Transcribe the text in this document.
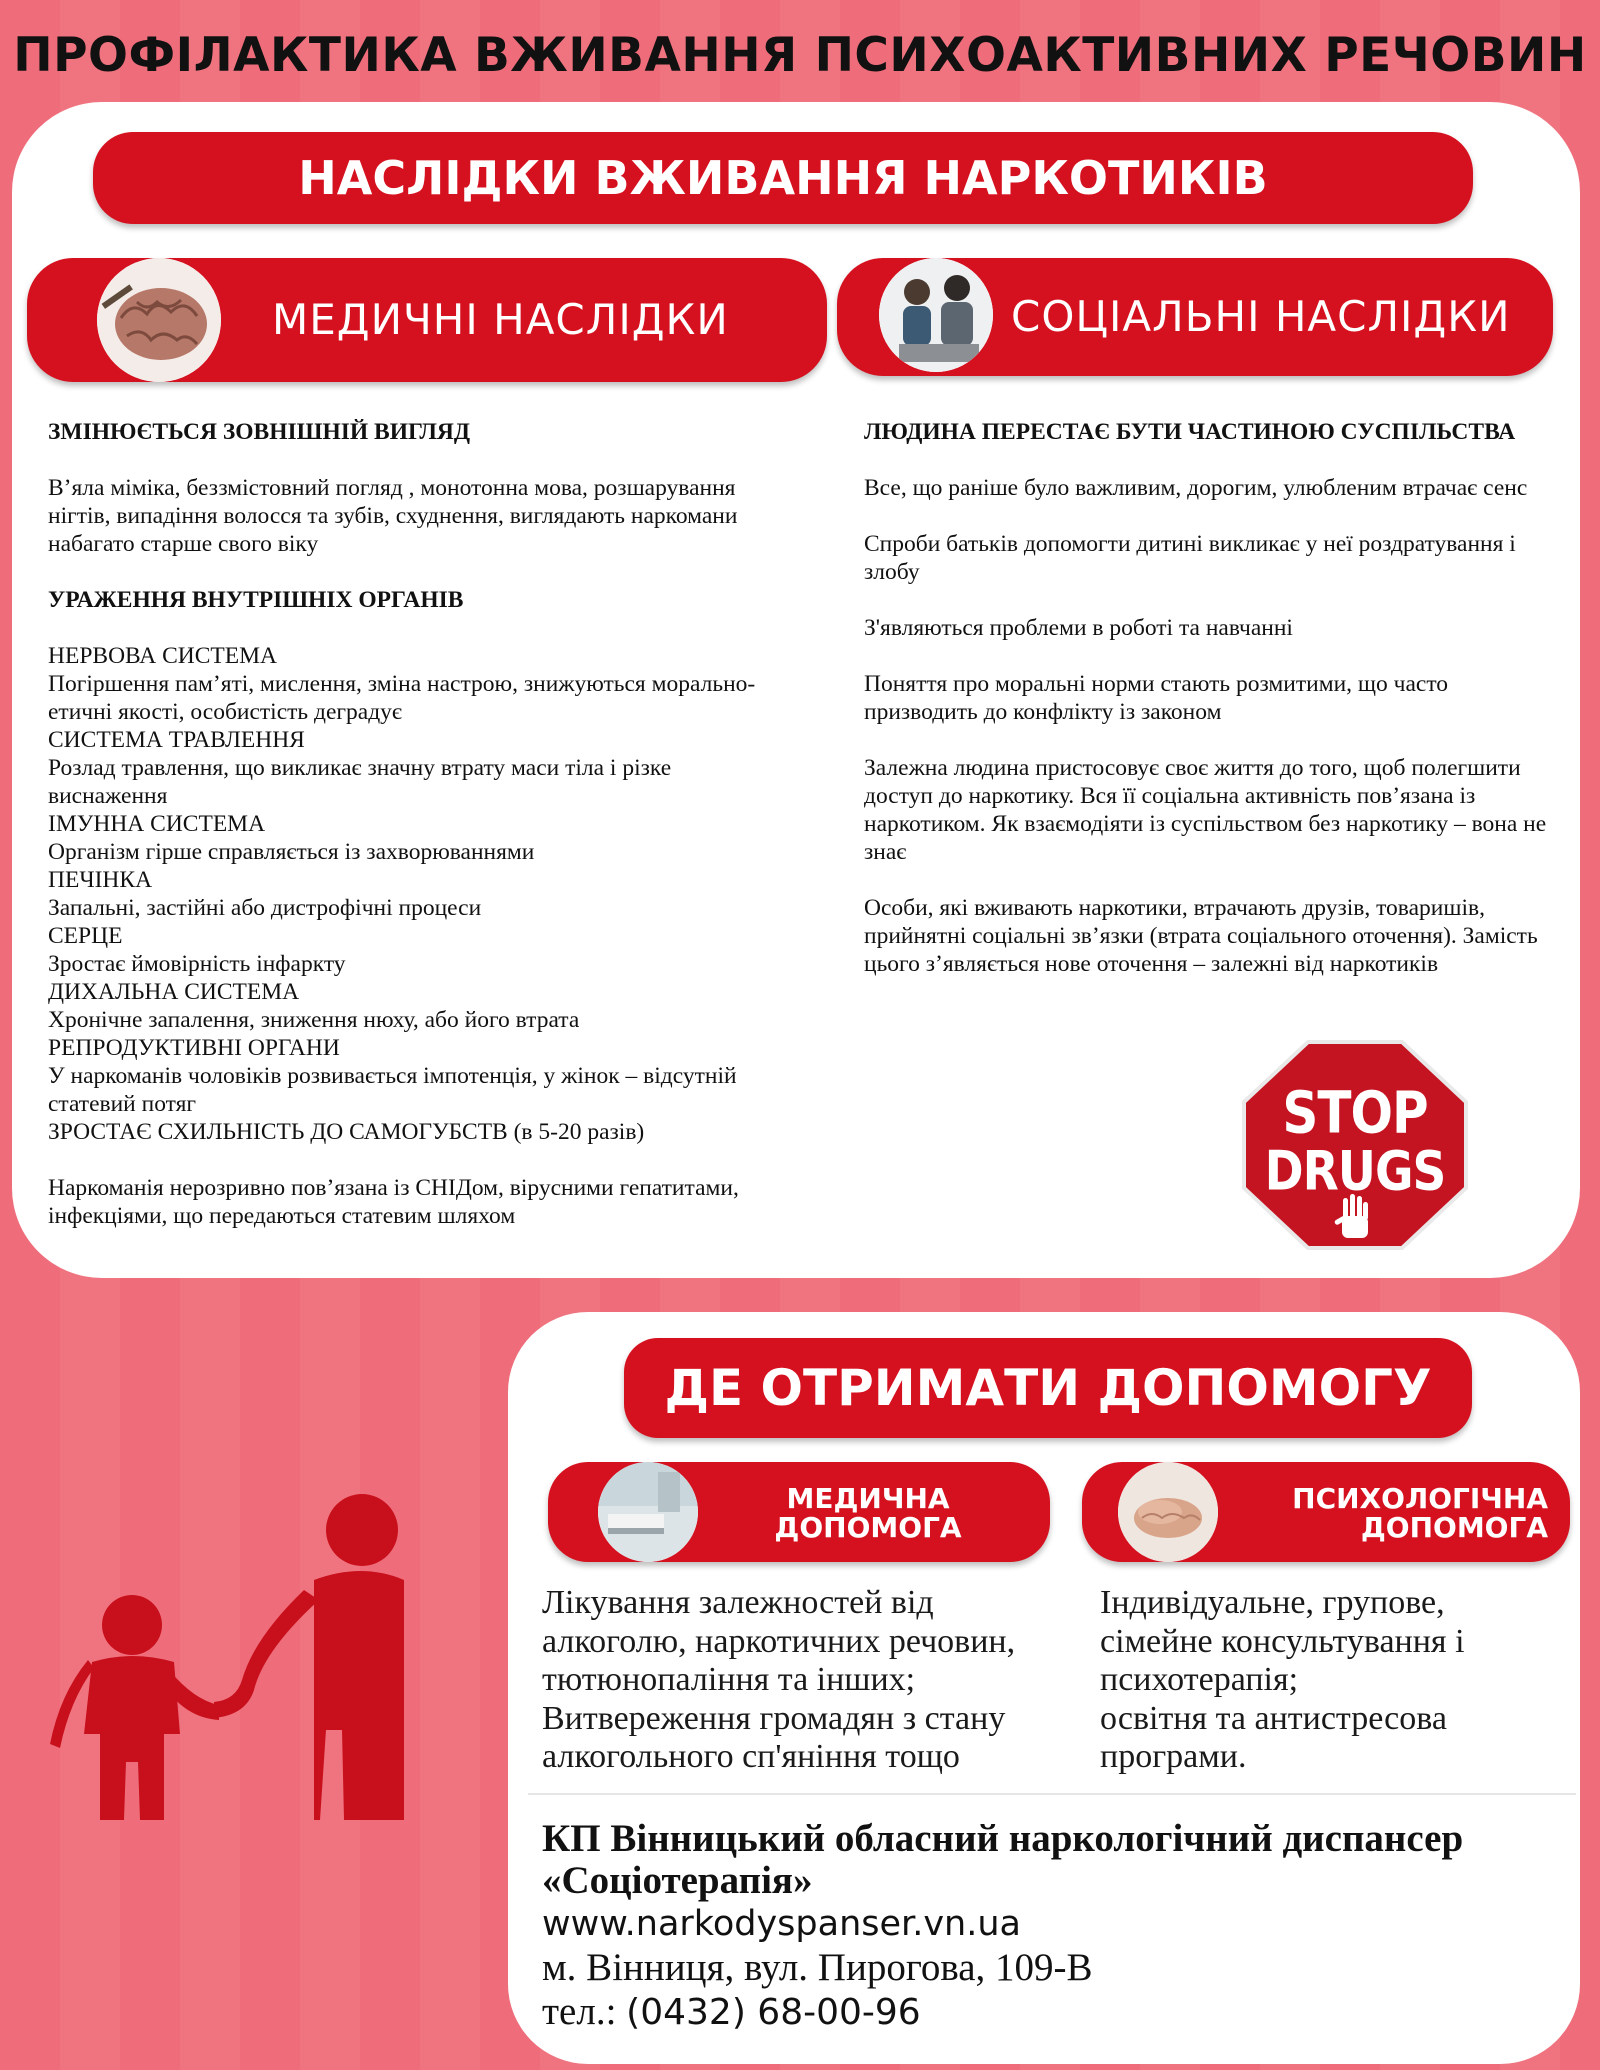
ПРОФІЛАКТИКА ВЖИВАННЯ ПСИХОАКТИВНИХ РЕЧОВИН
НАСЛІДКИ ВЖИВАННЯ НАРКОТИКІВ
МЕДИЧНІ НАСЛІДКИ	СОЦІАЛЬНІ НАСЛІДКИ

ЗМІНЮЄТЬСЯ ЗОВНІШНІЙ ВИГЛЯД

В’яла міміка, беззмістовний погляд , монотонна мова, розшарування нігтів, випадіння волосся та зубів, схуднення, виглядають наркомани набагато старше свого віку

УРАЖЕННЯ ВНУТРІШНІХ ОРГАНІВ

НЕРВОВА СИСТЕМА

Погіршення пам’яті, мислення, зміна настрою, знижуються морально-етичні якості, особистість деградує

СИСТЕМА ТРАВЛЕННЯ

Розлад травлення, що викликає значну втрату маси тіла і різке виснаження

ІМУННА СИСТЕМА

Організм гірше справляється із захворюваннями

ПЕЧІНКА

Запальні, застійні або дистрофічні процеси

СЕРЦЕ

Зростає ймовірність інфаркту

ДИХАЛЬНА СИСТЕМА

Хронічне запалення, зниження нюху, або його втрата

РЕПРОДУКТИВНІ ОРГАНИ

У наркоманів чоловіків розвивається імпотенція, у жінок – відсутній статевий потяг

ЗРОСТАЄ СХИЛЬНІСТЬ ДО САМОГУБСТВ (в 5-20 разів)

Наркоманія нерозривно пов’язана із СНІДом, вірусними гепатитами, інфекціями, що передаються статевим шляхом

ЛЮДИНА ПЕРЕСТАЄ БУТИ ЧАСТИНОЮ СУСПІЛЬСТВА

Все, що раніше було важливим, дорогим, улюбленим втрачає сенс

Спроби батьків допомогти дитині викликає у неї роздратування і злобу

З'являються проблеми в роботі та навчанні

Поняття про моральні норми стають розмитими, що часто призводить до конфлікту із законом

Залежна людина пристосовує своє життя до того, щоб полегшити доступ до наркотику. Вся її соціальна активність пов’язана із наркотиком. Як взаємодіяти із суспільством без наркотику – вона не знає

Особи, які вживають наркотики, втрачають друзів, товаришів, прийнятні соціальні зв’язки (втрата соціального оточення). Замість цього з’являється нове оточення – залежні від наркотиків

STOP
DRUGS
ДЕ ОТРИМАТИ ДОПОМОГУ
МЕДИЧНА
ДОПОМОГА
ПСИХОЛОГІЧНА
ДОПОМОГА
Лікування залежностей від
алкоголю, наркотичних речовин,
тютюнопаління та інших;
Витвереження громадян з стану
алкогольного сп'яніння тощо
Індивідуальне, групове,
сімейне консультування і
психотерапія;
освітня та антистресова
програми.
КП Вінницький обласний наркологічний диспансер
«Соціотерапія»
www.narkodyspanser.vn.ua
м. Вінниця, вул. Пирогова, 109-В
тел.: (0432) 68-00-96
